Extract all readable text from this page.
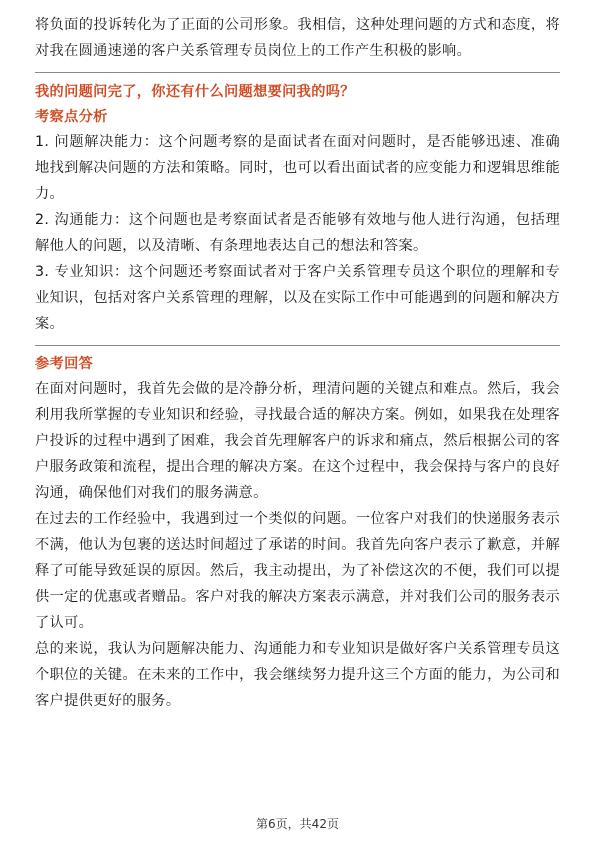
将负面的投诉转化为了正面的公司形象。我相信，这种处理问题的方式和态度，将对我在圆通速递的客户关系管理专员岗位上的工作产生积极的影响。

我的问题问完了，你还有什么问题想要问我的吗？

考察点分析

1. 问题解决能力：这个问题考察的是面试者在面对问题时，是否能够迅速、准确地找到解决问题的方法和策略。同时，也可以看出面试者的应变能力和逻辑思维能力。

2. 沟通能力：这个问题也是考察面试者是否能够有效地与他人进行沟通，包括理解他人的问题，以及清晰、有条理地表达自己的想法和答案。

3. 专业知识：这个问题还考察面试者对于客户关系管理专员这个职位的理解和专业知识，包括对客户关系管理的理解，以及在实际工作中可能遇到的问题和解决方案。

参考回答

在面对问题时，我首先会做的是冷静分析，理清问题的关键点和难点。然后，我会利用我所掌握的专业知识和经验，寻找最合适的解决方案。例如，如果我在处理客户投诉的过程中遇到了困难，我会首先理解客户的诉求和痛点，然后根据公司的客户服务政策和流程，提出合理的解决方案。在这个过程中，我会保持与客户的良好沟通，确保他们对我们的服务满意。

在过去的工作经验中，我遇到过一个类似的问题。一位客户对我们的快递服务表示不满，他认为包裹的送达时间超过了承诺的时间。我首先向客户表示了歉意，并解释了可能导致延误的原因。然后，我主动提出，为了补偿这次的不便，我们可以提供一定的优惠或者赠品。客户对我的解决方案表示满意，并对我们公司的服务表示了认可。

总的来说，我认为问题解决能力、沟通能力和专业知识是做好客户关系管理专员这个职位的关键。在未来的工作中，我会继续努力提升这三个方面的能力，为公司和客户提供更好的服务。

第6页，共42页
